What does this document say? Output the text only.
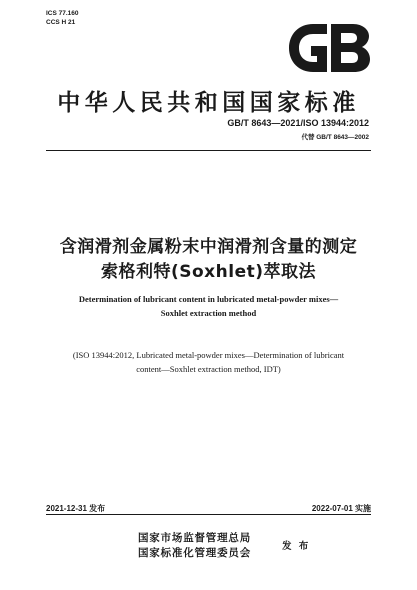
ICS 77.160
CCS H 21
中华人民共和国国家标准
GB/T 8643—2021/ISO 13944:2012
代替 GB/T 8643—2002
含润滑剂金属粉末中润滑剂含量的测定
索格利特(Soxhlet)萃取法
Determination of lubricant content in lubricated metal-powder mixes—
Soxhlet extraction method
(ISO 13944:2012, Lubricated metal-powder mixes—Determination of lubricant
content—Soxhlet extraction method, IDT)
2021-12-31 发布	2022-07-01 实施
国家市场监督管理总局
国家标准化管理委员会
发 布
